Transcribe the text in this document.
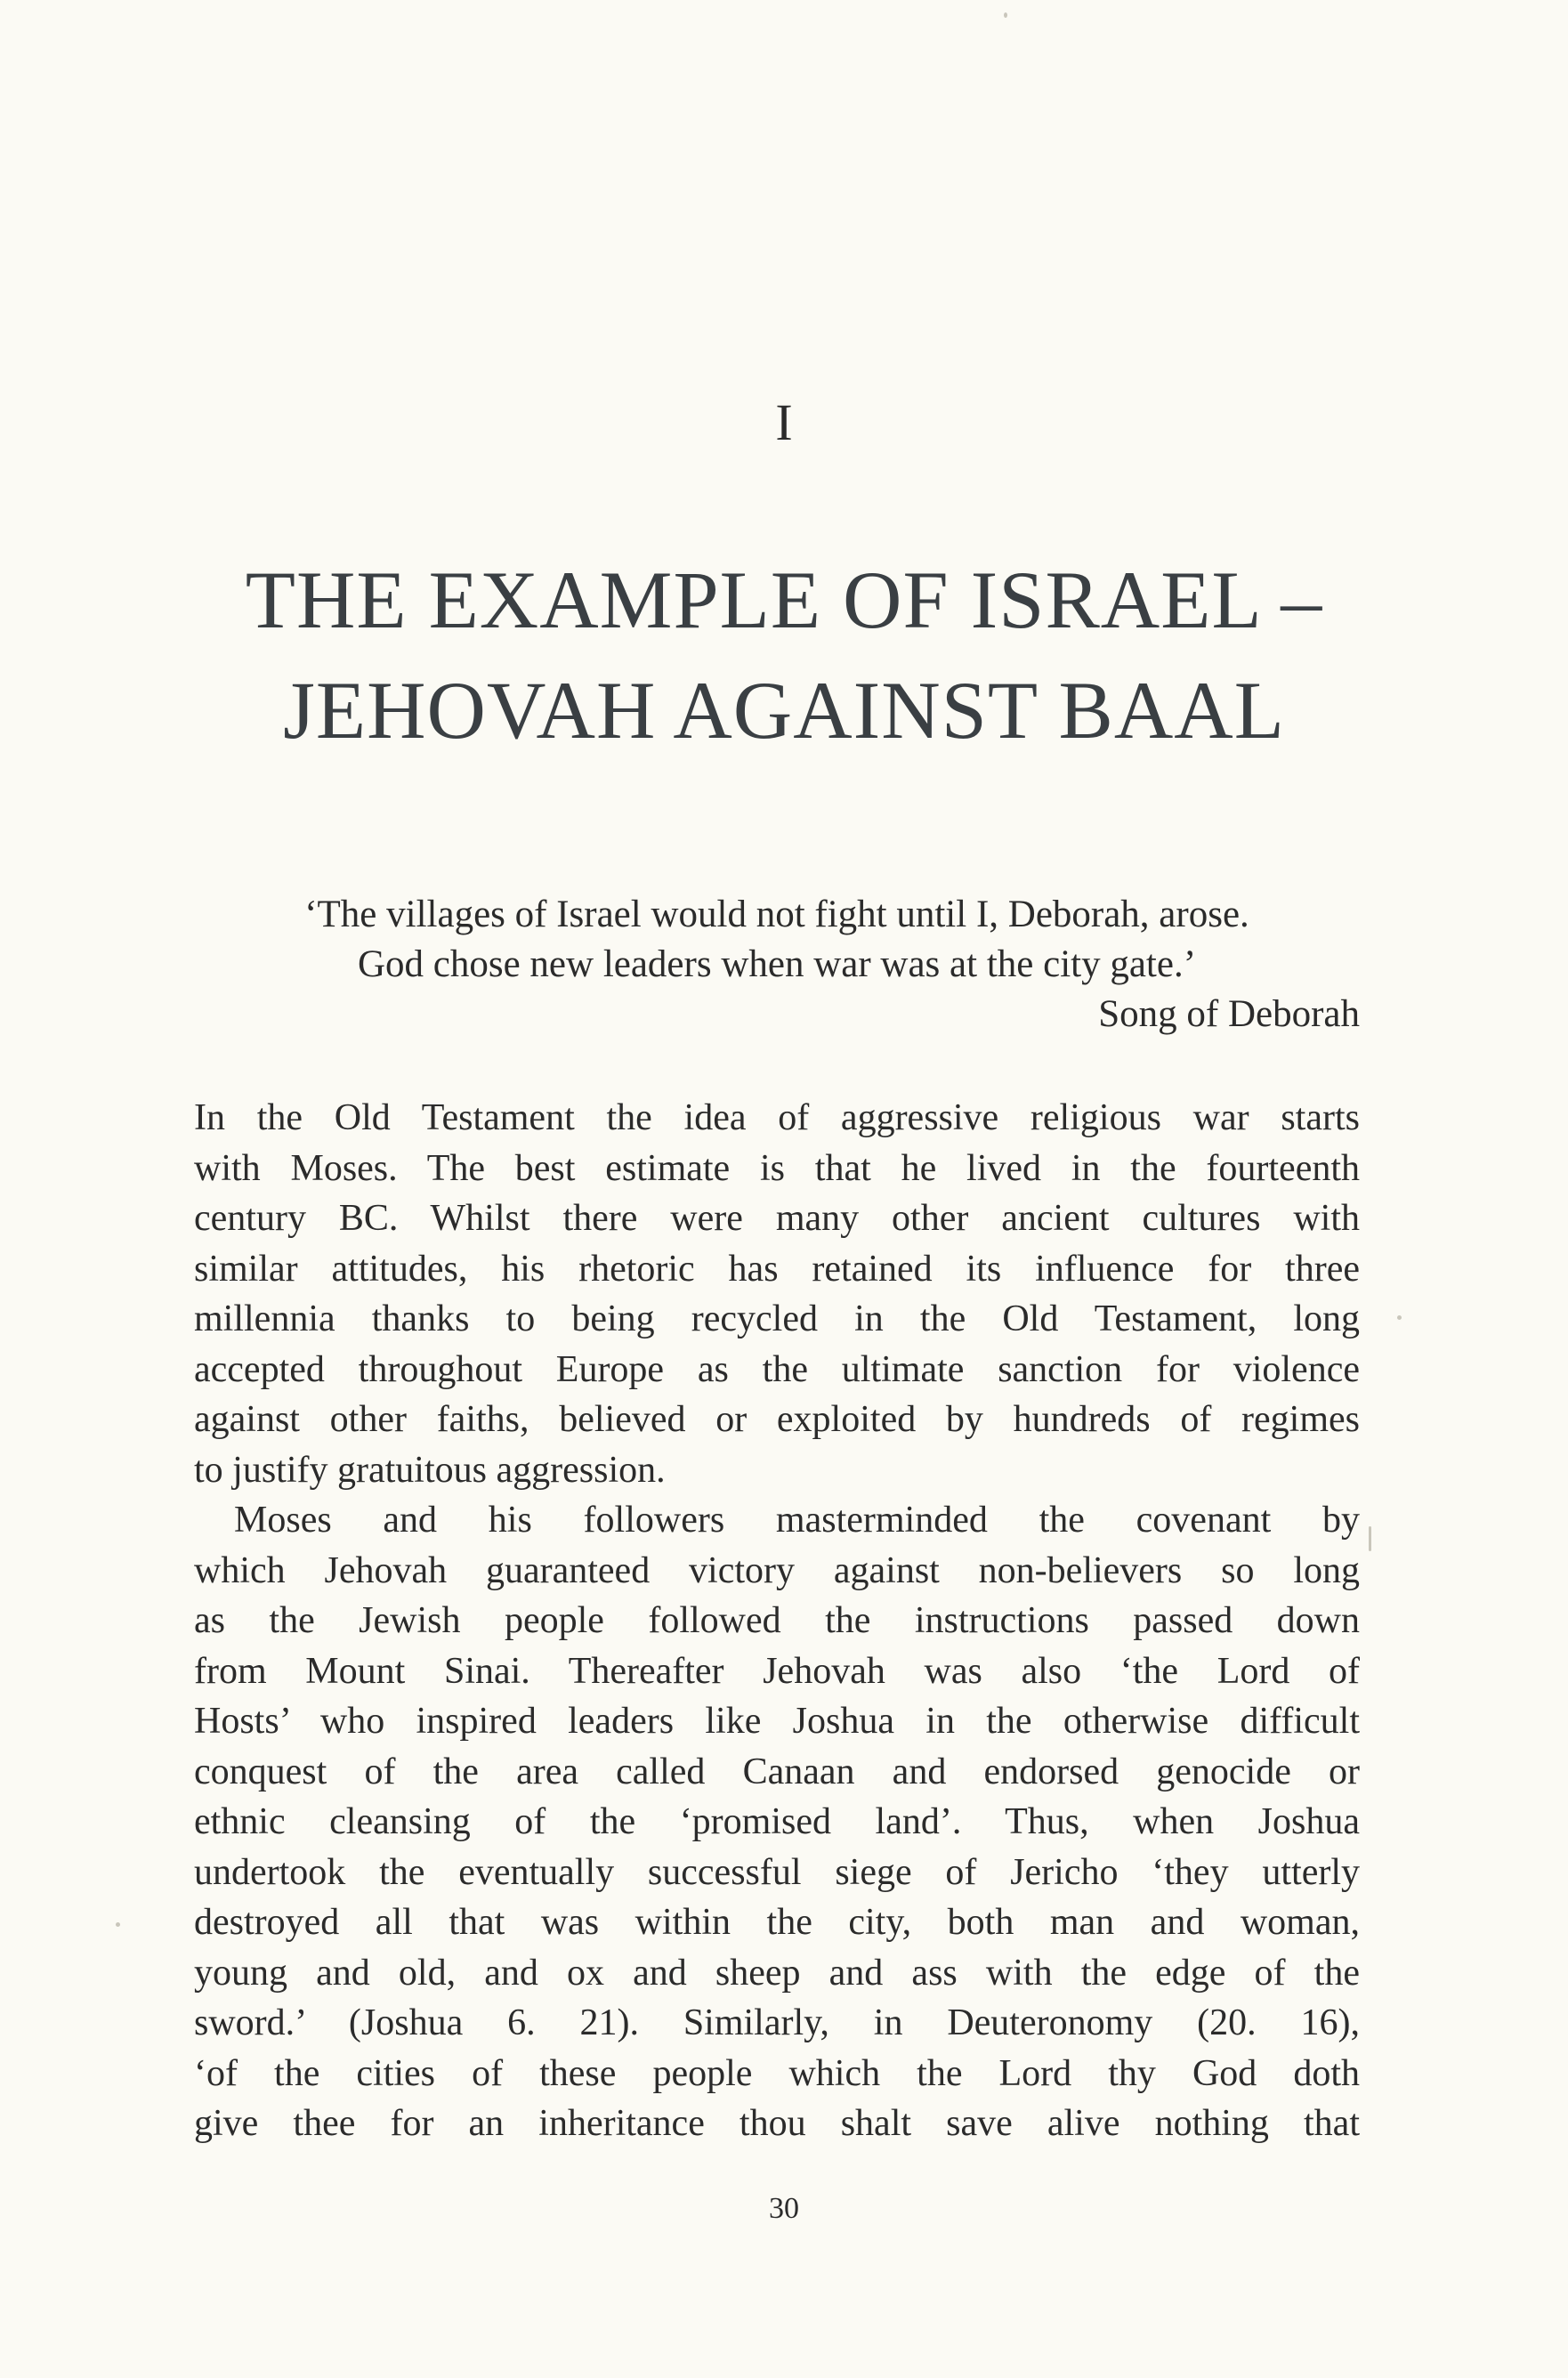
I
THE EXAMPLE OF ISRAEL –
JEHOVAH AGAINST BAAL
‘The villages of Israel would not fight until I, Deborah, arose.
God chose new leaders when war was at the city gate.’
Song of Deborah
In the Old Testament the idea of aggressive religious war starts
with Moses. The best estimate is that he lived in the fourteenth
century BC. Whilst there were many other ancient cultures with
similar attitudes, his rhetoric has retained its influence for three
millennia thanks to being recycled in the Old Testament, long
accepted throughout Europe as the ultimate sanction for violence
against other faiths, believed or exploited by hundreds of regimes
to justify gratuitous aggression.
Moses and his followers masterminded the covenant by
which Jehovah guaranteed victory against non-believers so long
as the Jewish people followed the instructions passed down
from Mount Sinai. Thereafter Jehovah was also ‘the Lord of
Hosts’ who inspired leaders like Joshua in the otherwise difficult
conquest of the area called Canaan and endorsed genocide or
ethnic cleansing of the ‘promised land’. Thus, when Joshua
undertook the eventually successful siege of Jericho ‘they utterly
destroyed all that was within the city, both man and woman,
young and old, and ox and sheep and ass with the edge of the
sword.’ (Joshua 6. 21). Similarly, in Deuteronomy (20. 16),
‘of the cities of these people which the Lord thy God doth
give thee for an inheritance thou shalt save alive nothing that
30
